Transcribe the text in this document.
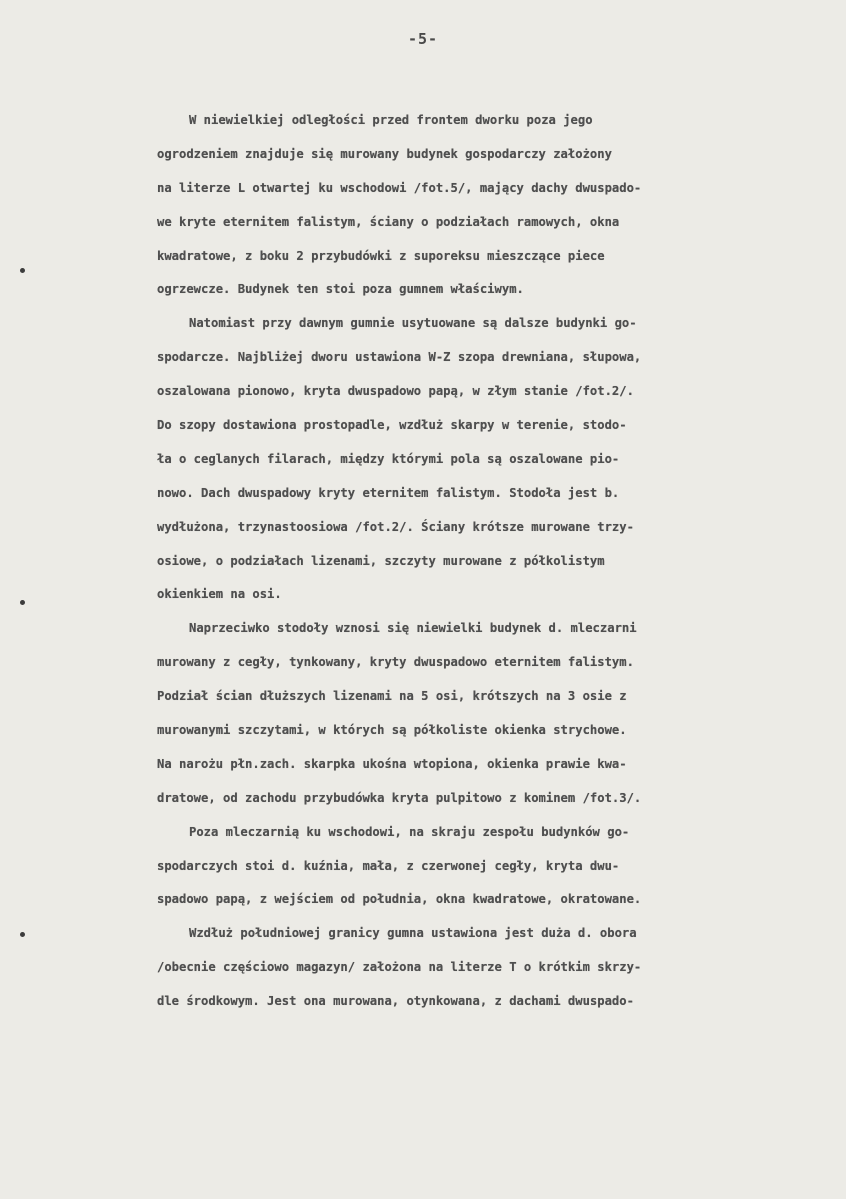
-5-
W niewielkiej odległości przed frontem dworku poza jego
ogrodzeniem znajduje się murowany budynek gospodarczy założony
na literze L otwartej ku wschodowi /fot.5/, mający dachy dwuspado-
we kryte eternitem falistym, ściany o podziałach ramowych, okna
kwadratowe, z boku 2 przybudówki z suporeksu mieszczące piece
ogrzewcze. Budynek ten stoi poza gumnem właściwym.
Natomiast przy dawnym gumnie usytuowane są dalsze budynki go-
spodarcze. Najbliżej dworu ustawiona W-Z szopa drewniana, słupowa,
oszalowana pionowo, kryta dwuspadowo papą, w złym stanie /fot.2/.
Do szopy dostawiona prostopadle, wzdłuż skarpy w terenie, stodo-
ła o ceglanych filarach, między którymi pola są oszalowane pio-
nowo. Dach dwuspadowy kryty eternitem falistym. Stodoła jest b.
wydłużona, trzynastoosiowa /fot.2/. Ściany krótsze murowane trzy-
osiowe, o podziałach lizenami, szczyty murowane z półkolistym
okienkiem na osi.
Naprzeciwko stodoły wznosi się niewielki budynek d. mleczarni
murowany z cegły, tynkowany, kryty dwuspadowo eternitem falistym.
Podział ścian dłuższych lizenami na 5 osi, krótszych na 3 osie z
murowanymi szczytami, w których są półkoliste okienka strychowe.
Na narożu płn.zach. skarpka ukośna wtopiona, okienka prawie kwa-
dratowe, od zachodu przybudówka kryta pulpitowo z kominem /fot.3/.
Poza mleczarnią ku wschodowi, na skraju zespołu budynków go-
spodarczych stoi d. kuźnia, mała, z czerwonej cegły, kryta dwu-
spadowo papą, z wejściem od południa, okna kwadratowe, okratowane.
Wzdłuż południowej granicy gumna ustawiona jest duża d. obora
/obecnie częściowo magazyn/ założona na literze T o krótkim skrzy-
dle środkowym. Jest ona murowana, otynkowana, z dachami dwuspado-
